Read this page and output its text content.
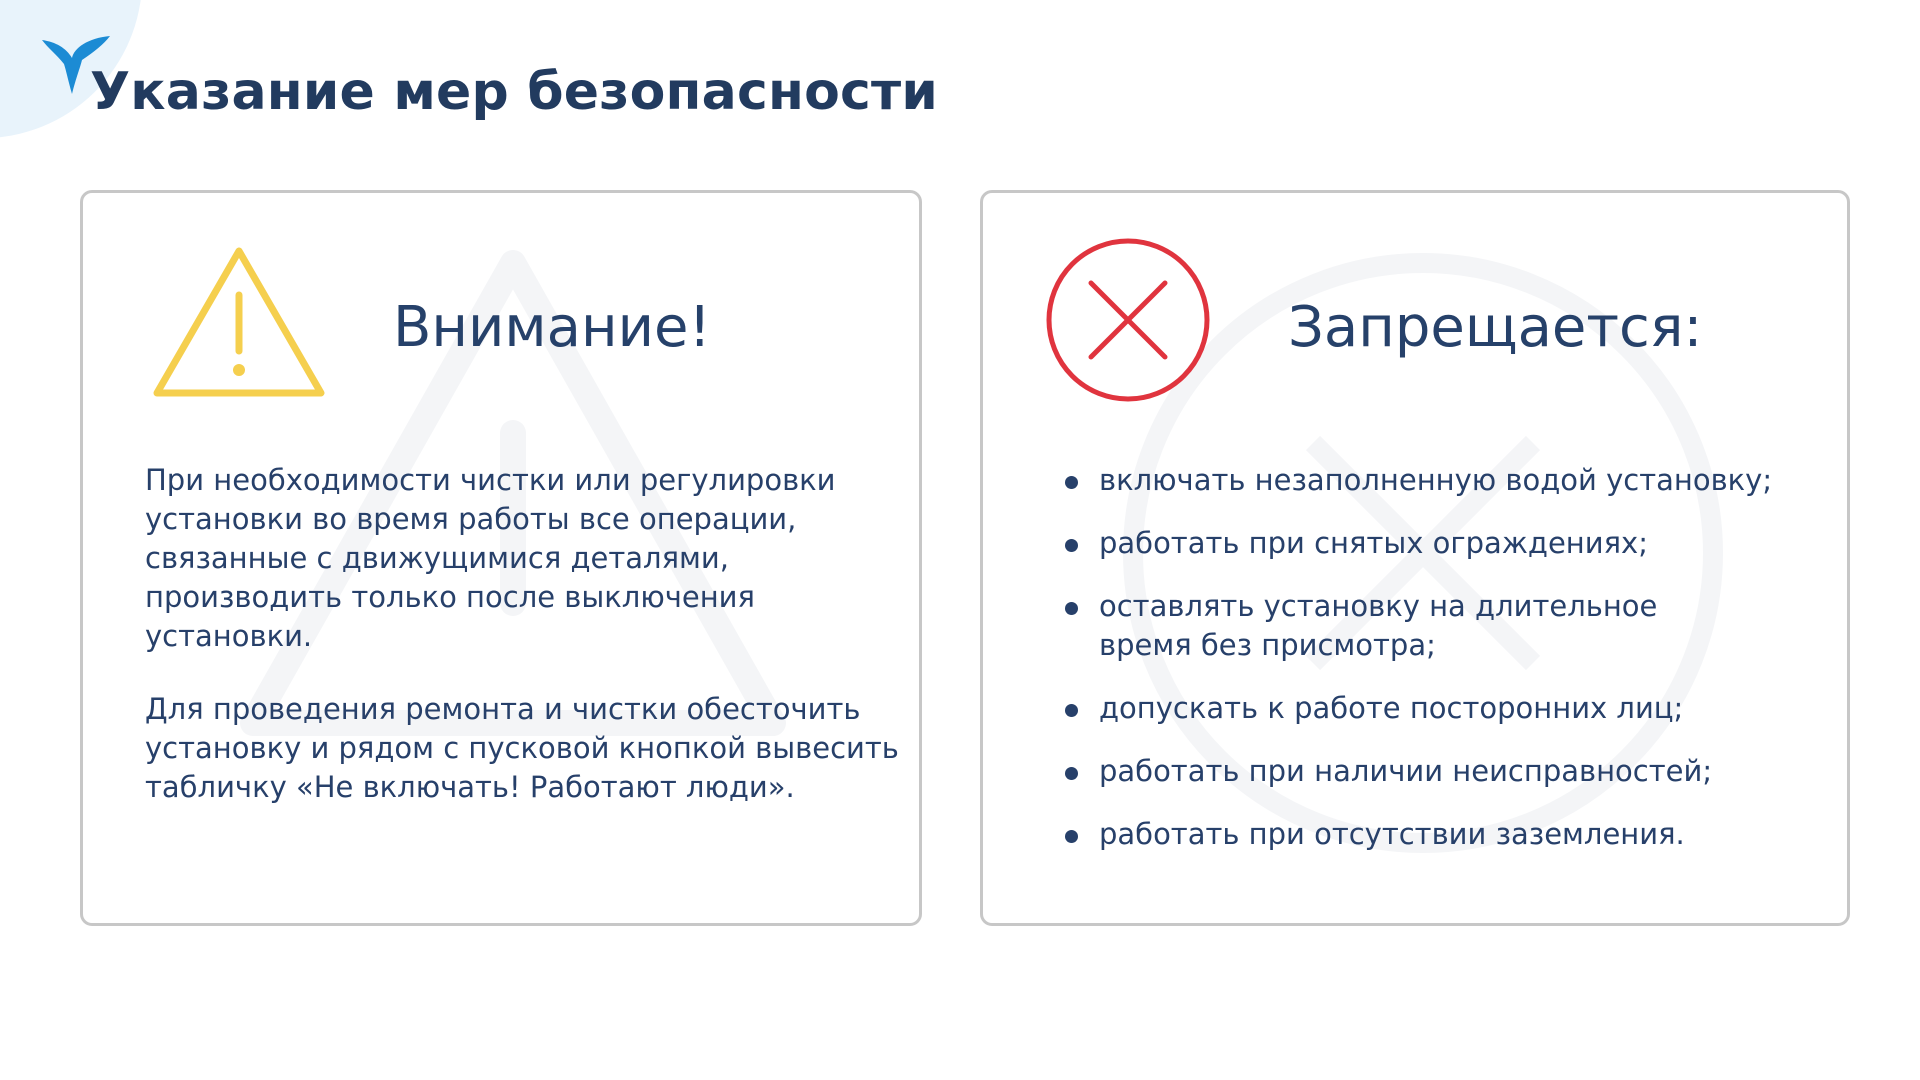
Указание мер безопасности
Внимание!

При необходимости чистки или регулировки установки во время работы все операции, связанные с движущимися деталями, производить только после выключения установки.

Для проведения ремонта и чистки обесточить установку и рядом с пусковой кнопкой вывесить табличку «Не включать! Работают люди».

Запрещается:
включать незаполненную водой установку;
работать при снятых ограждениях;
оставлять установку на длительное время без присмотра;
допускать к работе посторонних лиц;
работать при наличии неисправностей;
работать при отсутствии заземления.
